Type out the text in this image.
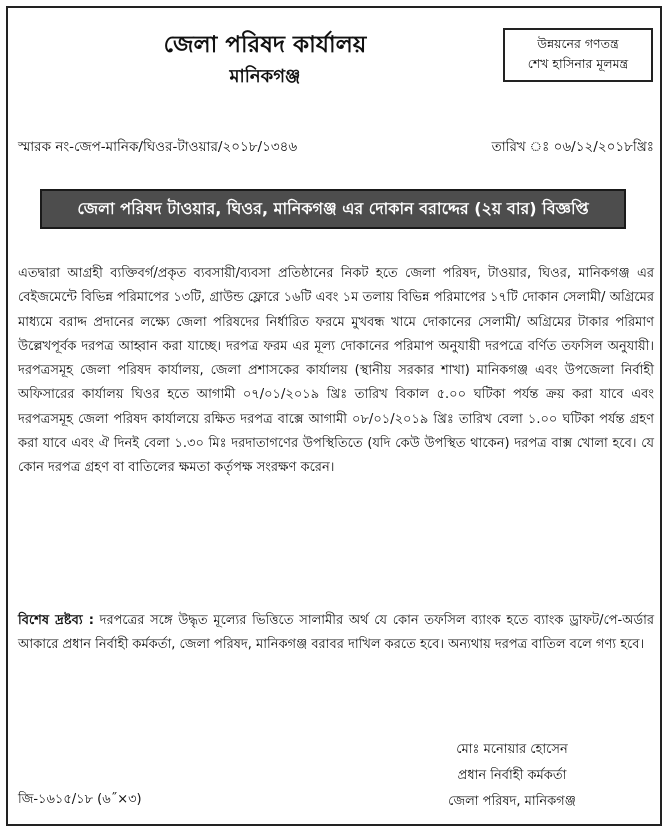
জেলা পরিষদ কার্যালয়
মানিকগঞ্জ
উন্নয়নের গণতন্ত্র
শেখ হাসিনার মূলমন্ত্র
স্মারক নং-জেপ-মানিক/ঘিওর-টাওয়ার/২০১৮/১৩৪৬	তারিখ ঃ ০৬/১২/২০১৮খ্রিঃ
জেলা পরিষদ টাওয়ার, ঘিওর, মানিকগঞ্জ এর দোকান বরাদ্দের (২য় বার) বিজ্ঞপ্তি

এতদ্বারা আগ্রহী ব্যক্তিবর্গ/প্রকৃত ব্যবসায়ী/ব্যবসা প্রতিষ্ঠানের নিকট হতে জেলা পরিষদ, টাওয়ার, ঘিওর, মানিকগঞ্জ এর বেইজমেন্টে বিভিন্ন পরিমাপের ১৩টি, গ্রাউন্ড ফ্লোরে ১৬টি এবং ১ম তলায় বিভিন্ন পরিমাপের ১৭টি দোকান সেলামী/ অগ্রিমের মাধ্যমে বরাদ্দ প্রদানের লক্ষ্যে জেলা পরিষদের নির্ধারিত ফরমে মুখবন্ধ খামে দোকানের সেলামী/ অগ্রিমের টাকার পরিমাণ উল্লেখপূর্বক দরপত্র আহ্বান করা যাচ্ছে। দরপত্র ফরম এর মূল্য দোকানের পরিমাপ অনুযায়ী দরপত্রে বর্ণিত তফসিল অনুযায়ী। দরপত্রসমূহ জেলা পরিষদ কার্যালয়, জেলা প্রশাসকের কার্যালয় (স্থানীয় সরকার শাখা) মানিকগঞ্জ এবং উপজেলা নির্বাহী অফিসারের কার্যালয় ঘিওর হতে আগামী ০৭/০১/২০১৯ খ্রিঃ তারিখ বিকাল ৫.০০ ঘটিকা পর্যন্ত ক্রয় করা যাবে এবং দরপত্রসমূহ জেলা পরিষদ কার্যালয়ে রক্ষিত দরপত্র বাক্সে আগামী ০৮/০১/২০১৯ খ্রিঃ তারিখ বেলা ১.০০ ঘটিকা পর্যন্ত গ্রহণ করা যাবে এবং ঐ দিনই বেলা ১.৩০ মিঃ দরদাতাগণের উপস্থিতিতে (যদি কেউ উপস্থিত থাকেন) দরপত্র বাক্স খোলা হবে। যে কোন দরপত্র গ্রহণ বা বাতিলের ক্ষমতা কর্তৃপক্ষ সংরক্ষণ করেন।

বিশেষ দ্রষ্টব্য : দরপত্রের সঙ্গে উদ্ধৃত মূল্যের ভিত্তিতে সালামীর অর্থ যে কোন তফসিল ব্যাংক হতে ব্যাংক ড্রাফট/পে-অর্ডার আকারে প্রধান নির্বাহী কর্মকর্তা, জেলা পরিষদ, মানিকগঞ্জ বরাবর দাখিল করতে হবে। অন্যথায় দরপত্র বাতিল বলে গণ্য হবে।

মোঃ মনোয়ার হোসেন
প্রধান নির্বাহী কর্মকর্তা
জেলা পরিষদ, মানিকগঞ্জ
জি-১৬১৫/১৮ (৬˝×৩)
